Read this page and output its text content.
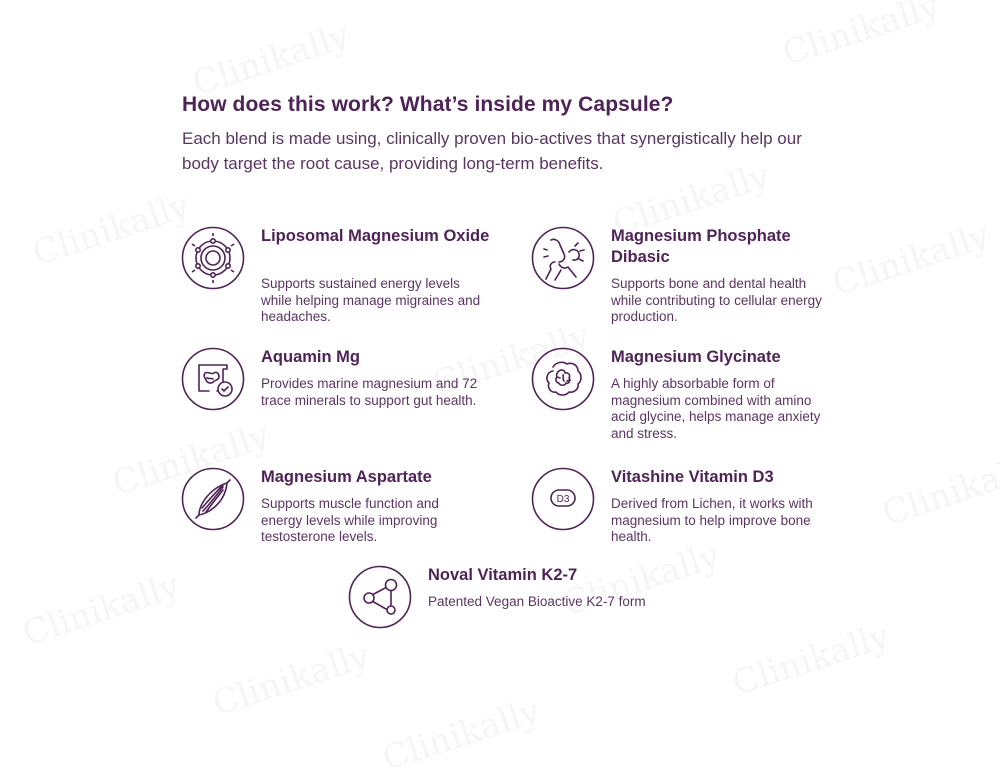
How does this work? What’s inside my Capsule?

Each blend is made using, clinically proven bio-actives that synergistically help our body target the root cause, providing long-term benefits.

Liposomal Magnesium Oxide

Supports sustained energy levels while helping manage migraines and headaches.

Magnesium Phosphate Dibasic

Supports bone and dental health while contributing to cellular energy production.

Aquamin Mg

Provides marine magnesium and 72 trace minerals to support gut health.

Magnesium Glycinate

A highly absorbable form of magnesium combined with amino acid glycine, helps manage anxiety and stress.

Magnesium Aspartate

Supports muscle function and energy levels while improving testosterone levels.

D3
Vitashine Vitamin D3

Derived from Lichen, it works with magnesium to help improve bone health.

Noval Vitamin K2-7

Patented Vegan Bioactive K2-7 form
